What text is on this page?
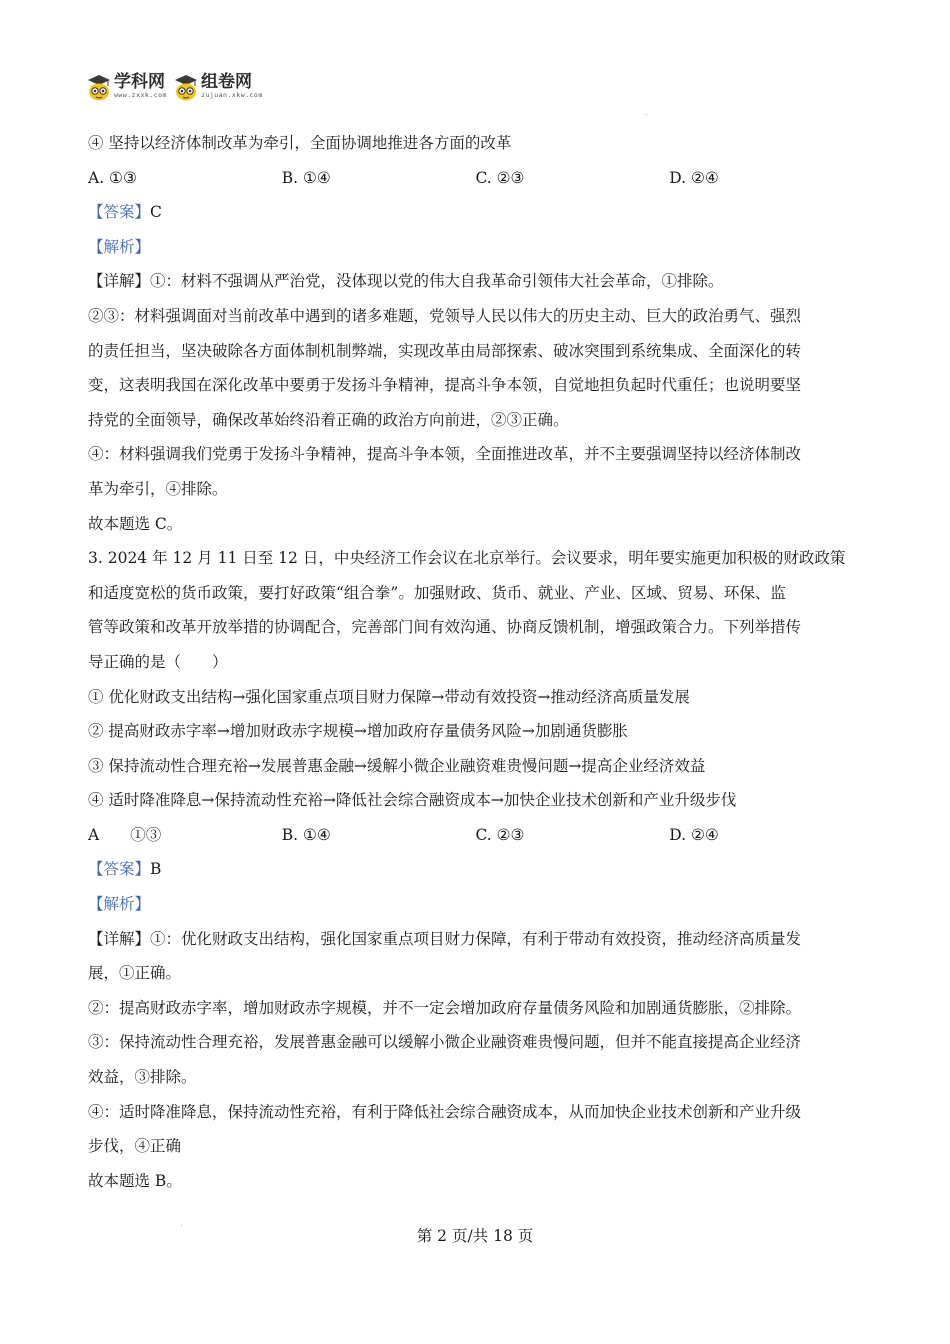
学科网
www.zxxk.com
组卷网
zujuan.xkw.com
④ 坚持以经济体制改革为牵引，全面协调地推进各方面的改革
A. ①③	B. ①④	C. ②③	D. ②④
【答案】C
【解析】
【详解】①：材料不强调从严治党，没体现以党的伟大自我革命引领伟大社会革命，①排除。
②③：材料强调面对当前改革中遇到的诸多难题，党领导人民以伟大的历史主动、巨大的政治勇气、强烈
的责任担当，坚决破除各方面体制机制弊端，实现改革由局部探索、破冰突围到系统集成、全面深化的转
变，这表明我国在深化改革中要勇于发扬斗争精神，提高斗争本领，自觉地担负起时代重任；也说明要坚
持党的全面领导，确保改革始终沿着正确的政治方向前进，②③正确。
④：材料强调我们党勇于发扬斗争精神，提高斗争本领，全面推进改革，并不主要强调坚持以经济体制改
革为牵引，④排除。
故本题选 C。
3. 2024 年 12 月 11 日至 12 日，中央经济工作会议在北京举行。会议要求，明年要实施更加积极的财政政策
和适度宽松的货币政策，要打好政策“组合拳”。加强财政、货币、就业、产业、区域、贸易、环保、监
管等政策和改革开放举措的协调配合，完善部门间有效沟通、协商反馈机制，增强政策合力。下列举措传
导正确的是（　　）
① 优化财政支出结构→强化国家重点项目财力保障→带动有效投资→推动经济高质量发展
② 提高财政赤字率→增加财政赤字规模→增加政府存量债务风险→加剧通货膨胀
③ 保持流动性合理充裕→发展普惠金融→缓解小微企业融资难贵慢问题→提高企业经济效益
④ 适时降准降息→保持流动性充裕→降低社会综合融资成本→加快企业技术创新和产业升级步伐
A　　①③	B. ①④	C. ②③	D. ②④
【答案】B
【解析】
【详解】①：优化财政支出结构，强化国家重点项目财力保障，有利于带动有效投资，推动经济高质量发
展，①正确。
②：提高财政赤字率，增加财政赤字规模，并不一定会增加政府存量债务风险和加剧通货膨胀，②排除。
③：保持流动性合理充裕，发展普惠金融可以缓解小微企业融资难贵慢问题，但并不能直接提高企业经济
效益，③排除。
④：适时降准降息，保持流动性充裕，有利于降低社会综合融资成本，从而加快企业技术创新和产业升级
步伐，④正确
故本题选 B。
第 2 页/共 18 页
